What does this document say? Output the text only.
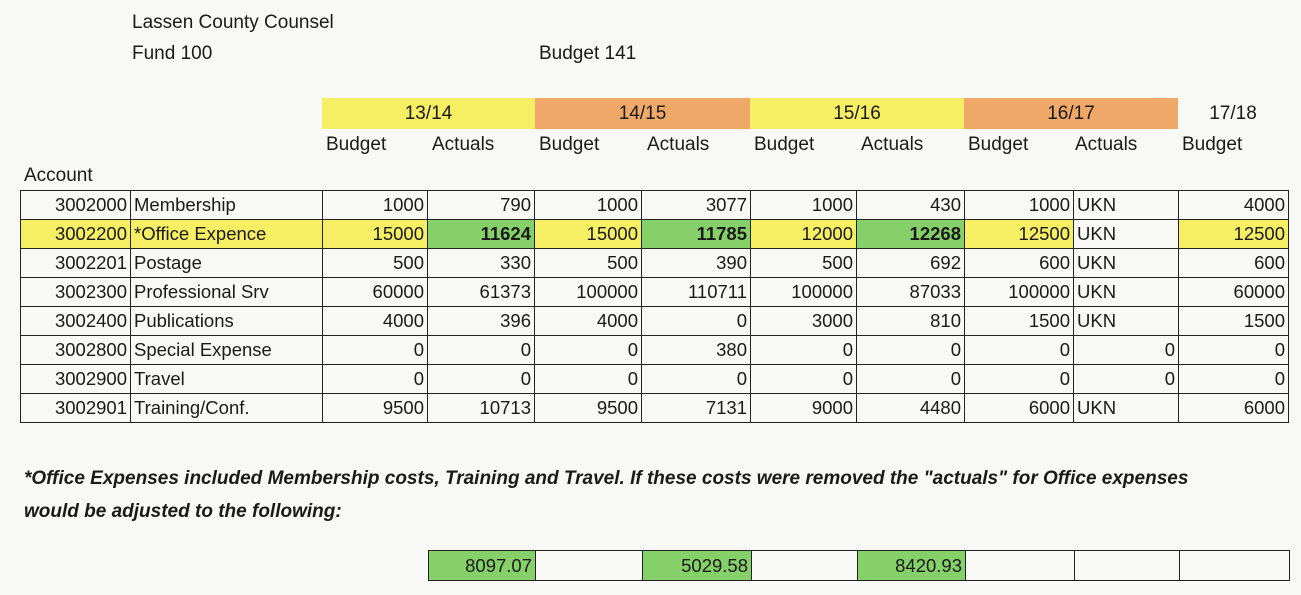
Lassen County Counsel
Fund 100	Budget 141
13/14	14/15	15/16	16/17	17/18
Budget Actuals Budget	Actuals Budget Actuals Budget Actuals Budget
Account
3002000	Membership	1000	790	1000	3077	1000	430	1000	UKN	4000
3002200	*Office Expence	15000	11624	15000	11785	12000	12268	12500	UKN	12500
3002201	Postage	500	330	500	390	500	692	600	UKN	600
3002300	Professional Srv	60000	61373	100000	110711	100000	87033	100000	UKN	60000
3002400	Publications	4000	396	4000	0	3000	810	1500	UKN	1500
3002800	Special Expense	0	0	0	380	0	0	0	0	0
3002900	Travel	0	0	0	0	0	0	0	0	0
3002901	Training/Conf.	9500	10713	9500	7131	9000	4480	6000	UKN	6000
*Office Expenses included Membership costs, Training and Travel. If these costs were removed the "actuals" for Office expenses would be adjusted to the following:
8097.07		5029.58		8420.93			
